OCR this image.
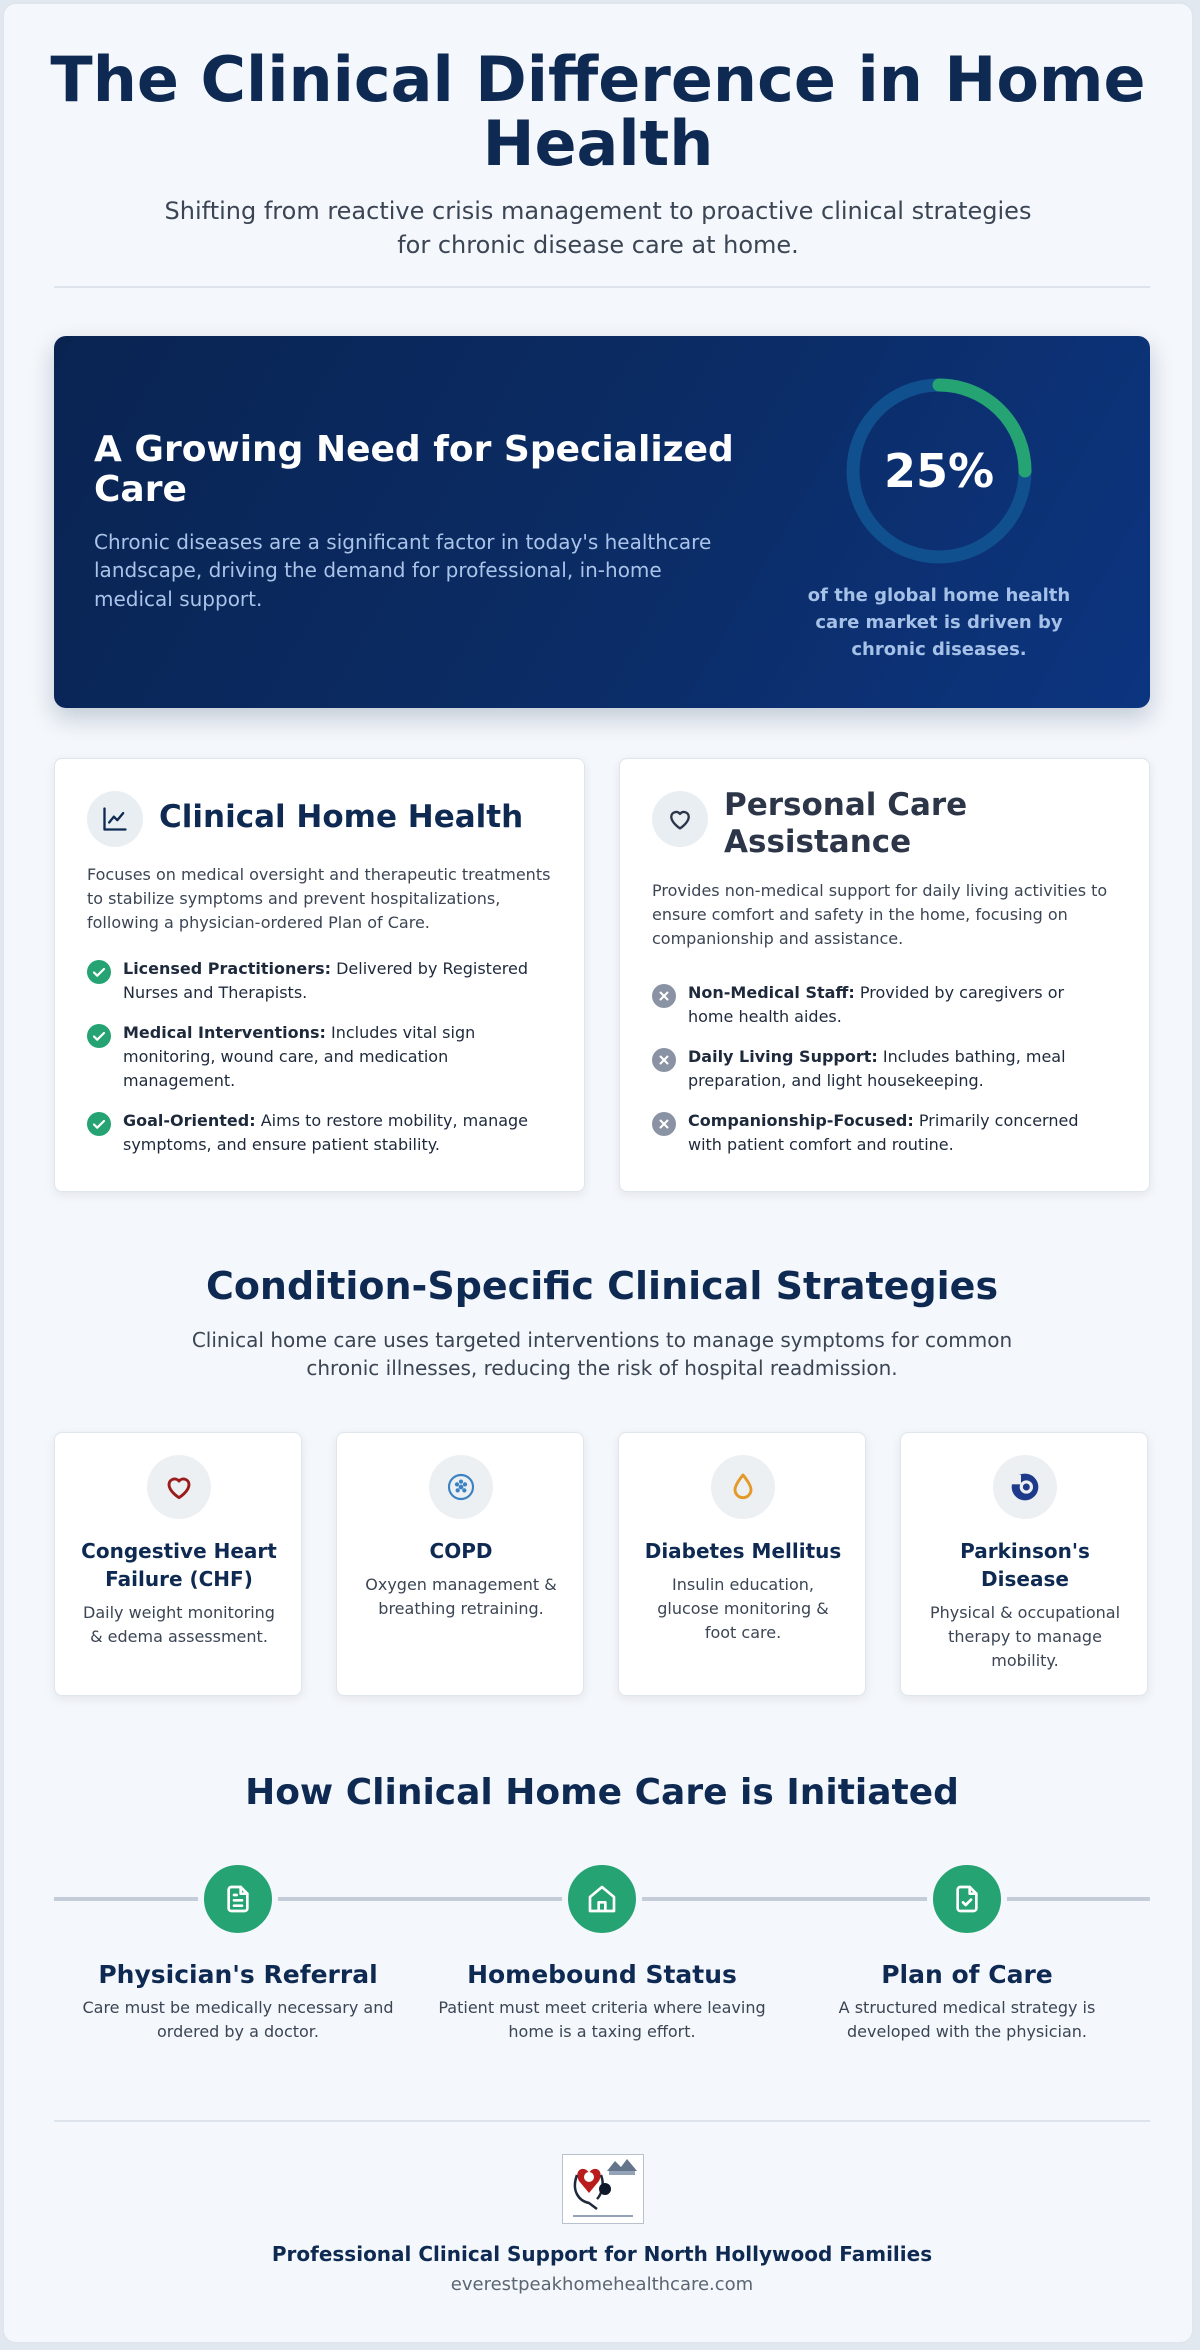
The Clinical Difference in Home Health

Shifting from reactive crisis management to proactive clinical strategies for chronic disease care at home.

A Growing Need for Specialized Care

Chronic diseases are a significant factor in today's healthcare landscape, driving the demand for professional, in-home medical support.

25%
of the global home health care market is driven by chronic diseases.
Clinical Home Health

Focuses on medical oversight and therapeutic treatments to stabilize symptoms and prevent hospitalizations, following a physician-ordered Plan of Care.

Licensed Practitioners: Delivered by Registered Nurses and Therapists.
Medical Interventions: Includes vital sign monitoring, wound care, and medication management.
Goal-Oriented: Aims to restore mobility, manage symptoms, and ensure patient stability.
Personal Care Assistance

Provides non-medical support for daily living activities to ensure comfort and safety in the home, focusing on companionship and assistance.

Non-Medical Staff: Provided by caregivers or home health aides.
Daily Living Support: Includes bathing, meal preparation, and light housekeeping.
Companionship-Focused: Primarily concerned with patient comfort and routine.
Condition-Specific Clinical Strategies

Clinical home care uses targeted interventions to manage symptoms for common chronic illnesses, reducing the risk of hospital readmission.

Congestive Heart Failure (CHF)

Daily weight monitoring & edema assessment.

COPD

Oxygen management & breathing retraining.

Diabetes Mellitus

Insulin education, glucose monitoring & foot care.

Parkinson's Disease

Physical & occupational therapy to manage mobility.

How Clinical Home Care is Initiated
Physician's Referral

Care must be medically necessary and ordered by a doctor.

Homebound Status

Patient must meet criteria where leaving home is a taxing effort.

Plan of Care

A structured medical strategy is developed with the physician.

Professional Clinical Support for North Hollywood Families

everestpeakhomehealthcare.com
